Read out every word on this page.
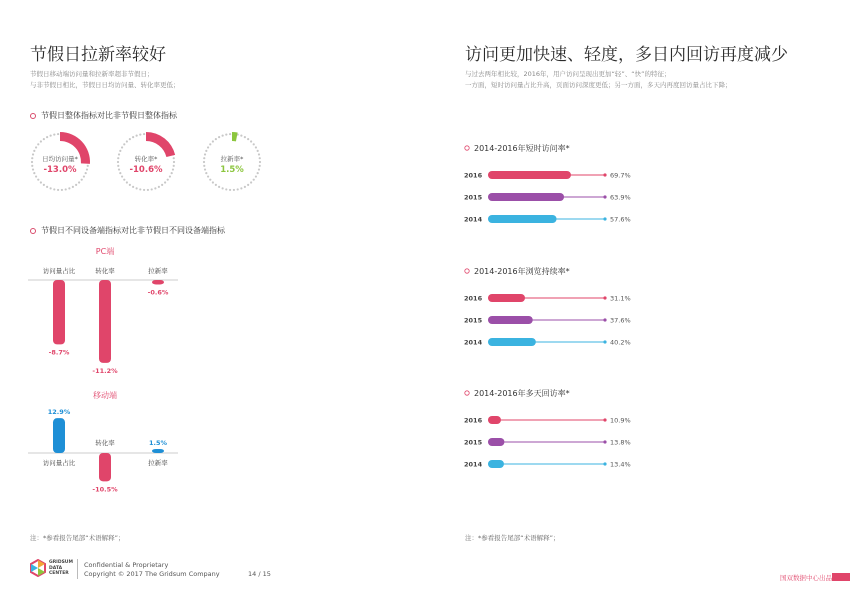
节假日拉新率较好
节假日移动端访问量和拉新率超非节假日；
与非节假日相比，节假日日均访问量、转化率更低；
节假日整体指标对比非节假日整体指标
日均访问量*
-13.0%
转化率*
-10.6%
拉新率*
1.5%
节假日不同设备端指标对比非节假日不同设备端指标
PC端
-8.7%
访问量占比
-11.2%
转化率
-0.6%
拉新率
移动端
12.9%
访问量占比
-10.5%
转化率	1.5%
拉新率
注：*参看报告尾部“术语解释”；
访问更加快速、轻度，多日内回访再度减少
与过去两年相比较，2016年，用户访问呈现出更加“轻”、“快”的特征；
一方面，短时访问量占比升高，页面访问深度更低；另一方面，多天内再度回访量占比下降；
2014-2016年短时访问率*
2016	69.7%
2015	63.9%
2014	57.6%
2014-2016年浏览持续率*
2016	31.1%
2015	37.6%
2014	40.2%
2014-2016年多天回访率*
2016	10.9%
2015	13.8%
2014	13.4%
注：*参看报告尾部“术语解释”；
GRIDSUM
DATA
CENTER
Confidential & Proprietary
Copyright © 2017 The Gridsum Company	14 / 15	国双数据中心出品
